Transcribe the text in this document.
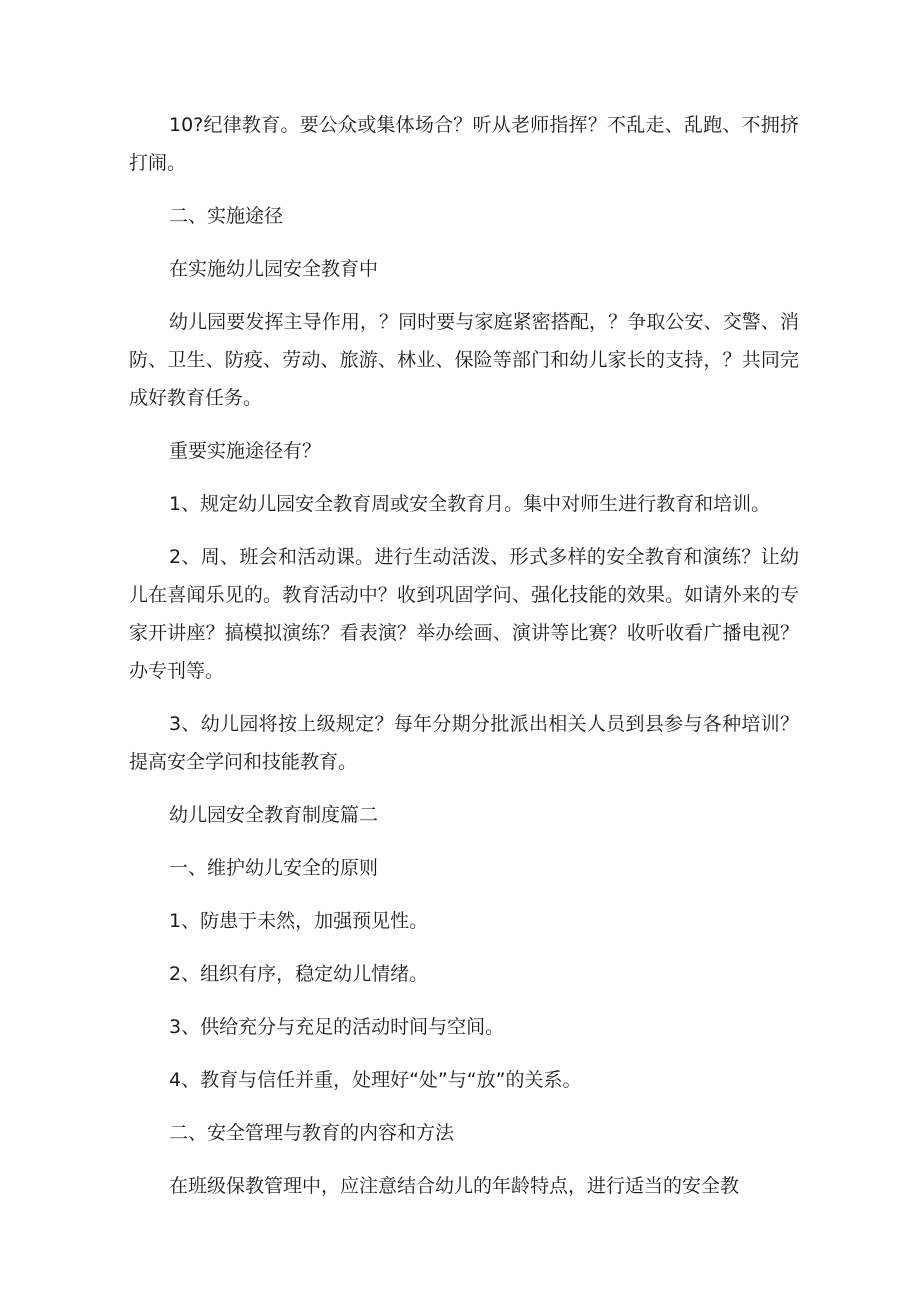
10?纪律教育。要公众或集体场合？听从老师指挥？不乱走、乱跑、不拥挤打闹。

二、实施途径

在实施幼儿园安全教育中

幼儿园要发挥主导作用，？同时要与家庭紧密搭配，？争取公安、交警、消防、卫生、防疫、劳动、旅游、林业、保险等部门和幼儿家长的支持，？共同完成好教育任务。

重要实施途径有？

1、规定幼儿园安全教育周或安全教育月。集中对师生进行教育和培训。

2、周、班会和活动课。进行生动活泼、形式多样的安全教育和演练？让幼儿在喜闻乐见的。教育活动中？收到巩固学问、强化技能的效果。如请外来的专家开讲座？搞模拟演练？看表演？举办绘画、演讲等比赛？收听收看广播电视？办专刊等。

3、幼儿园将按上级规定？每年分期分批派出相关人员到县参与各种培训？提高安全学问和技能教育。

幼儿园安全教育制度篇二

一、维护幼儿安全的原则

1、防患于未然，加强预见性。

2、组织有序，稳定幼儿情绪。

3、供给充分与充足的活动时间与空间。

4、教育与信任并重，处理好“处”与“放”的关系。

二、安全管理与教育的内容和方法

在班级保教管理中，应注意结合幼儿的年龄特点，进行适当的安全教
